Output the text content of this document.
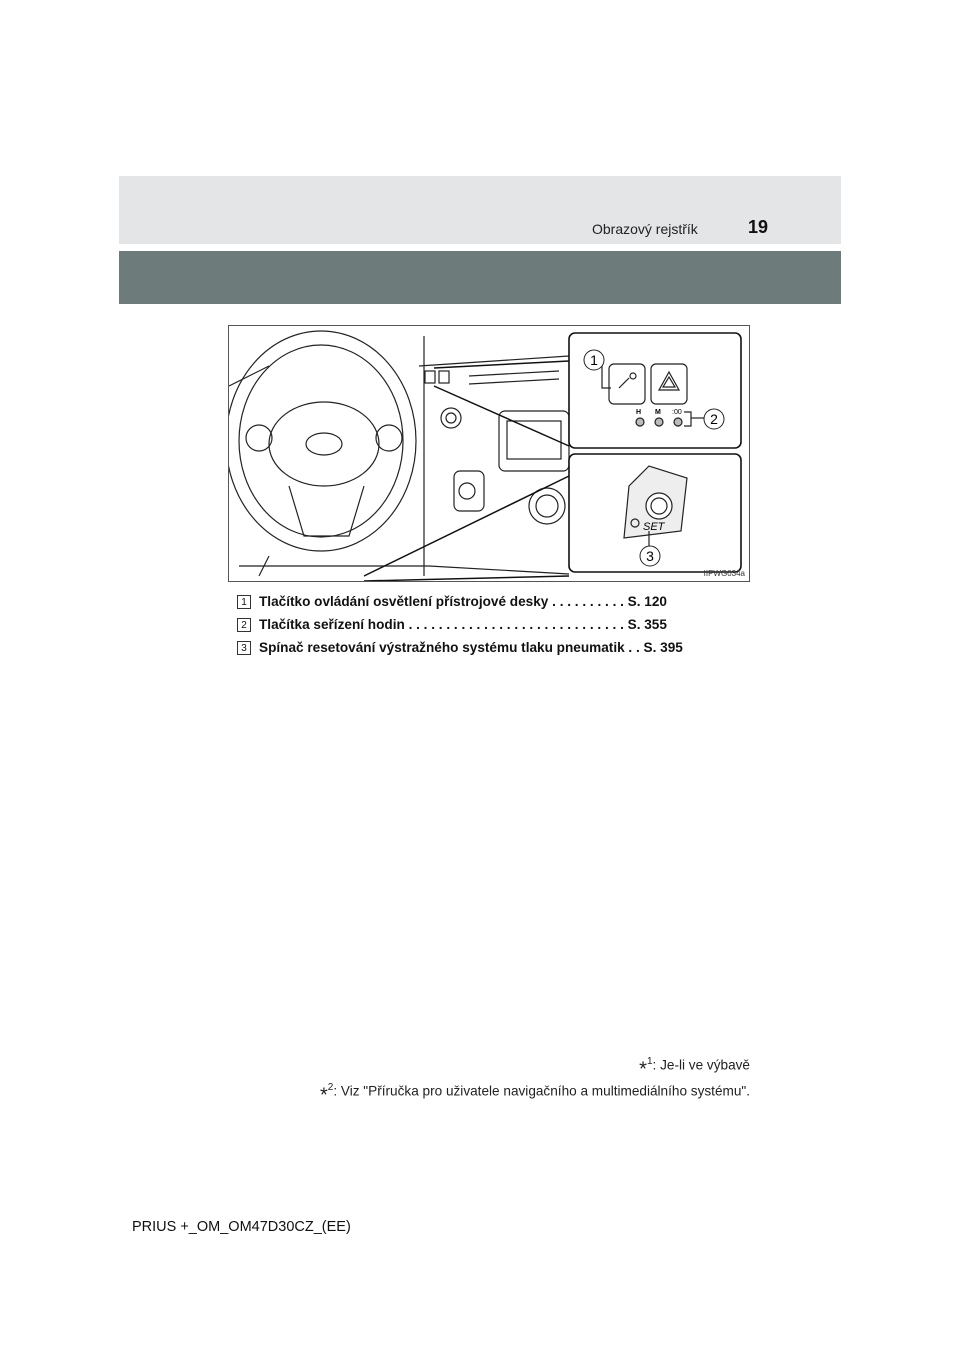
Obrazový rejstřík	19
H M :00
1
2
SET
3
IIPWG034a
1 Tlačítko ovládání osvětlení přístrojové desky . . . . . . . . . . S. 120
2 Tlačítka seřízení hodin . . . . . . . . . . . . . . . . . . . . . . . . . . . . . S. 355
3 Spínač resetování výstražného systému tlaku pneumatik . . S. 395
*$^1$: Je-li ve výbavě
*$^2$: Viz "Příručka pro uživatele navigačního a multimediálního systému".
PRIUS +_OM_OM47D30CZ_(EE)
